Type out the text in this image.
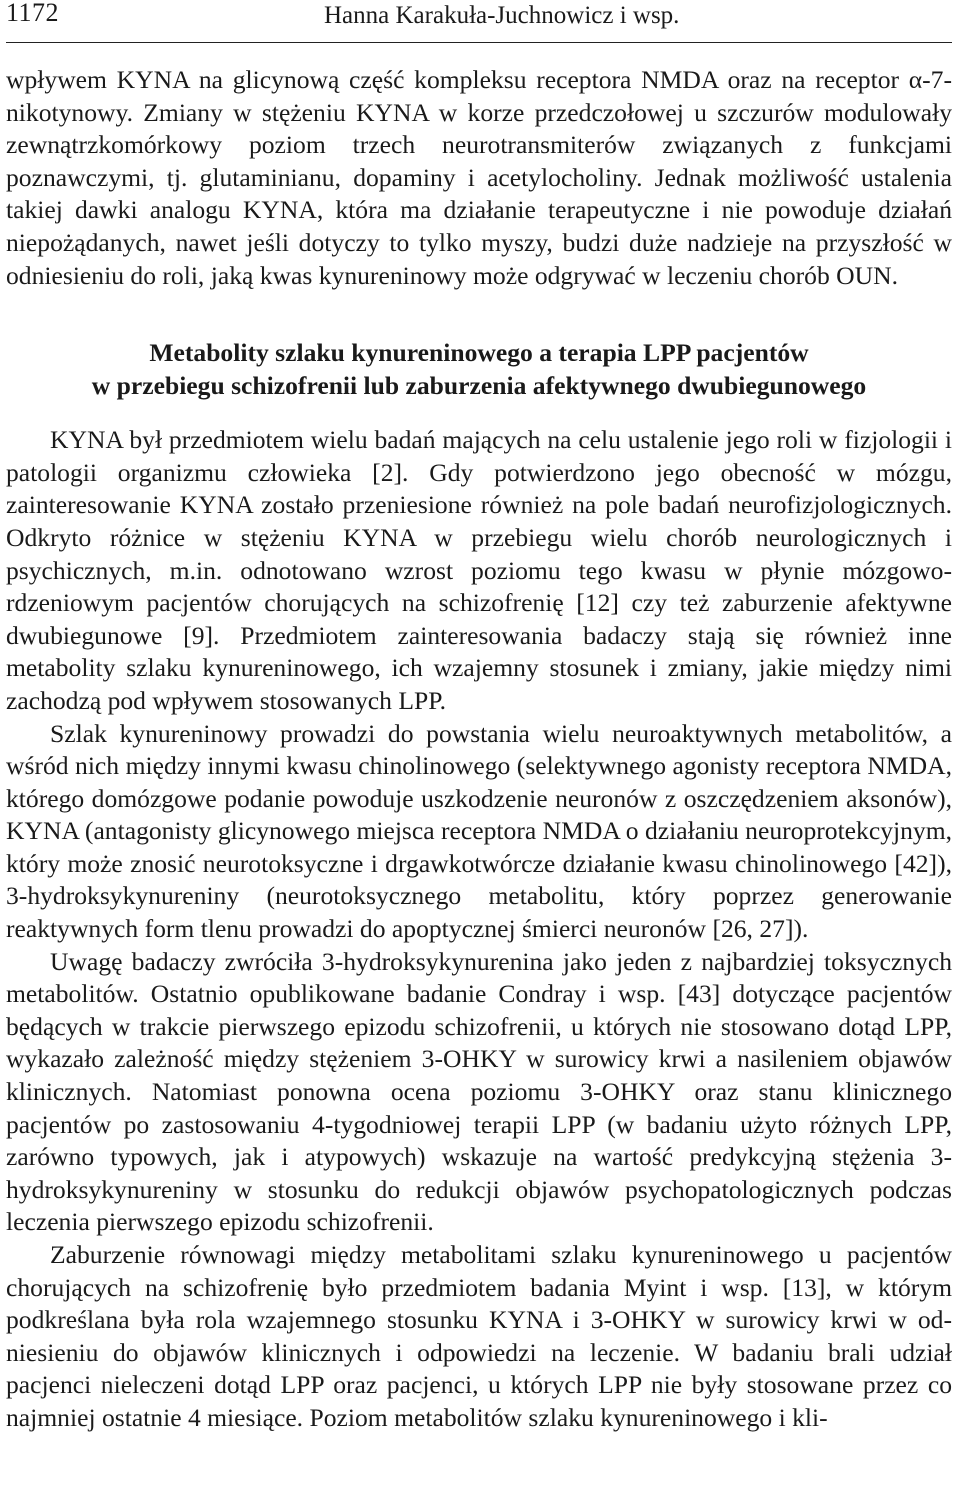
1172	Hanna Karakuła-Juchnowicz i wsp.

wpływem KYNA na glicynową część kompleksu receptora NMDA oraz na receptor α-7-nikotynowy. Zmiany w stężeniu KYNA w korze przedczołowej u szczurów modulowały zewnątrzkomórkowy poziom trzech neurotransmiterów związanych z funkcjami poznawczymi, tj. glutaminianu, dopaminy i acetylocholiny. Jednak możliwość ustalenia takiej dawki analogu KYNA, która ma działanie terapeutyczne i nie powoduje działań niepożądanych, nawet jeśli dotyczy to tylko myszy, budzi duże nadzieje na przyszłość w odniesieniu do roli, jaką kwas kynureninowy może odgrywać w leczeniu chorób OUN.

Metabolity szlaku kynureninowego a terapia LPP pacjentów
w przebiegu schizofrenii lub zaburzenia afektywnego dwubiegunowego

KYNA był przedmiotem wielu badań mających na celu ustalenie jego roli w fizjologii i patologii organizmu człowieka [2]. Gdy potwierdzono jego obecność w mózgu, zainteresowanie KYNA zostało przeniesione również na pole badań neurofizjologicznych. Odkryto różnice w stężeniu KYNA w przebiegu wielu chorób neurologicznych i psychicznych, m.in. odnotowano wzrost poziomu tego kwasu w płynie mózgowo-rdzeniowym pacjentów chorujących na schizofrenię [12] czy też zaburzenie afektywne dwubiegunowe [9]. Przedmiotem zainteresowania badaczy stają się również inne metabolity szlaku kynureninowego, ich wzajemny stosunek i zmiany, jakie między nimi zachodzą pod wpływem stosowanych LPP.

Szlak kynureninowy prowadzi do powstania wielu neuroaktywnych metabolitów, a wśród nich między innymi kwasu chinolinowego (selektywnego agonisty receptora NMDA, którego domózgowe podanie powoduje uszkodzenie neuronów z oszczędzeniem aksonów), KYNA (antagonisty glicynowego miejsca receptora NMDA o działaniu neuroprotekcyjnym, który może znosić neurotoksyczne i drgawkotwórcze działanie kwasu chinolinowego [42]), 3-hydroksykynureniny (neurotoksycznego metabolitu, który poprzez generowanie reaktywnych form tlenu prowadzi do apoptycznej śmierci neuronów [26, 27]).

Uwagę badaczy zwróciła 3-hydroksykynurenina jako jeden z najbardziej toksycznych metabolitów. Ostatnio opublikowane badanie Condray i wsp. [43] dotyczące pacjentów będących w trakcie pierwszego epizodu schizofrenii, u których nie stosowano dotąd LPP, wykazało zależność między stężeniem 3-OHKY w surowicy krwi a nasileniem objawów klinicznych. Natomiast ponowna ocena poziomu 3-OHKY oraz stanu klinicznego pacjentów po zastosowaniu 4-tygodniowej terapii LPP (w badaniu użyto różnych LPP, zarówno typowych, jak i atypowych) wskazuje na wartość predykcyjną stężenia 3-hydroksykynureniny w stosunku do redukcji objawów psychopatologicznych podczas leczenia pierwszego epizodu schizofrenii.

Zaburzenie równowagi między metabolitami szlaku kynureninowego u pacjentów chorujących na schizofrenię było przedmiotem badania Myint i wsp. [13], w którym podkreślana była rola wzajemnego stosunku KYNA i 3-OHKY w surowicy krwi w odniesieniu do objawów klinicznych i odpowiedzi na leczenie. W badaniu brali udział pacjenci nieleczeni dotąd LPP oraz pacjenci, u których LPP nie były stosowane przez co najmniej ostatnie 4 miesiące. Poziom metabolitów szlaku kynureninowego i kli-
